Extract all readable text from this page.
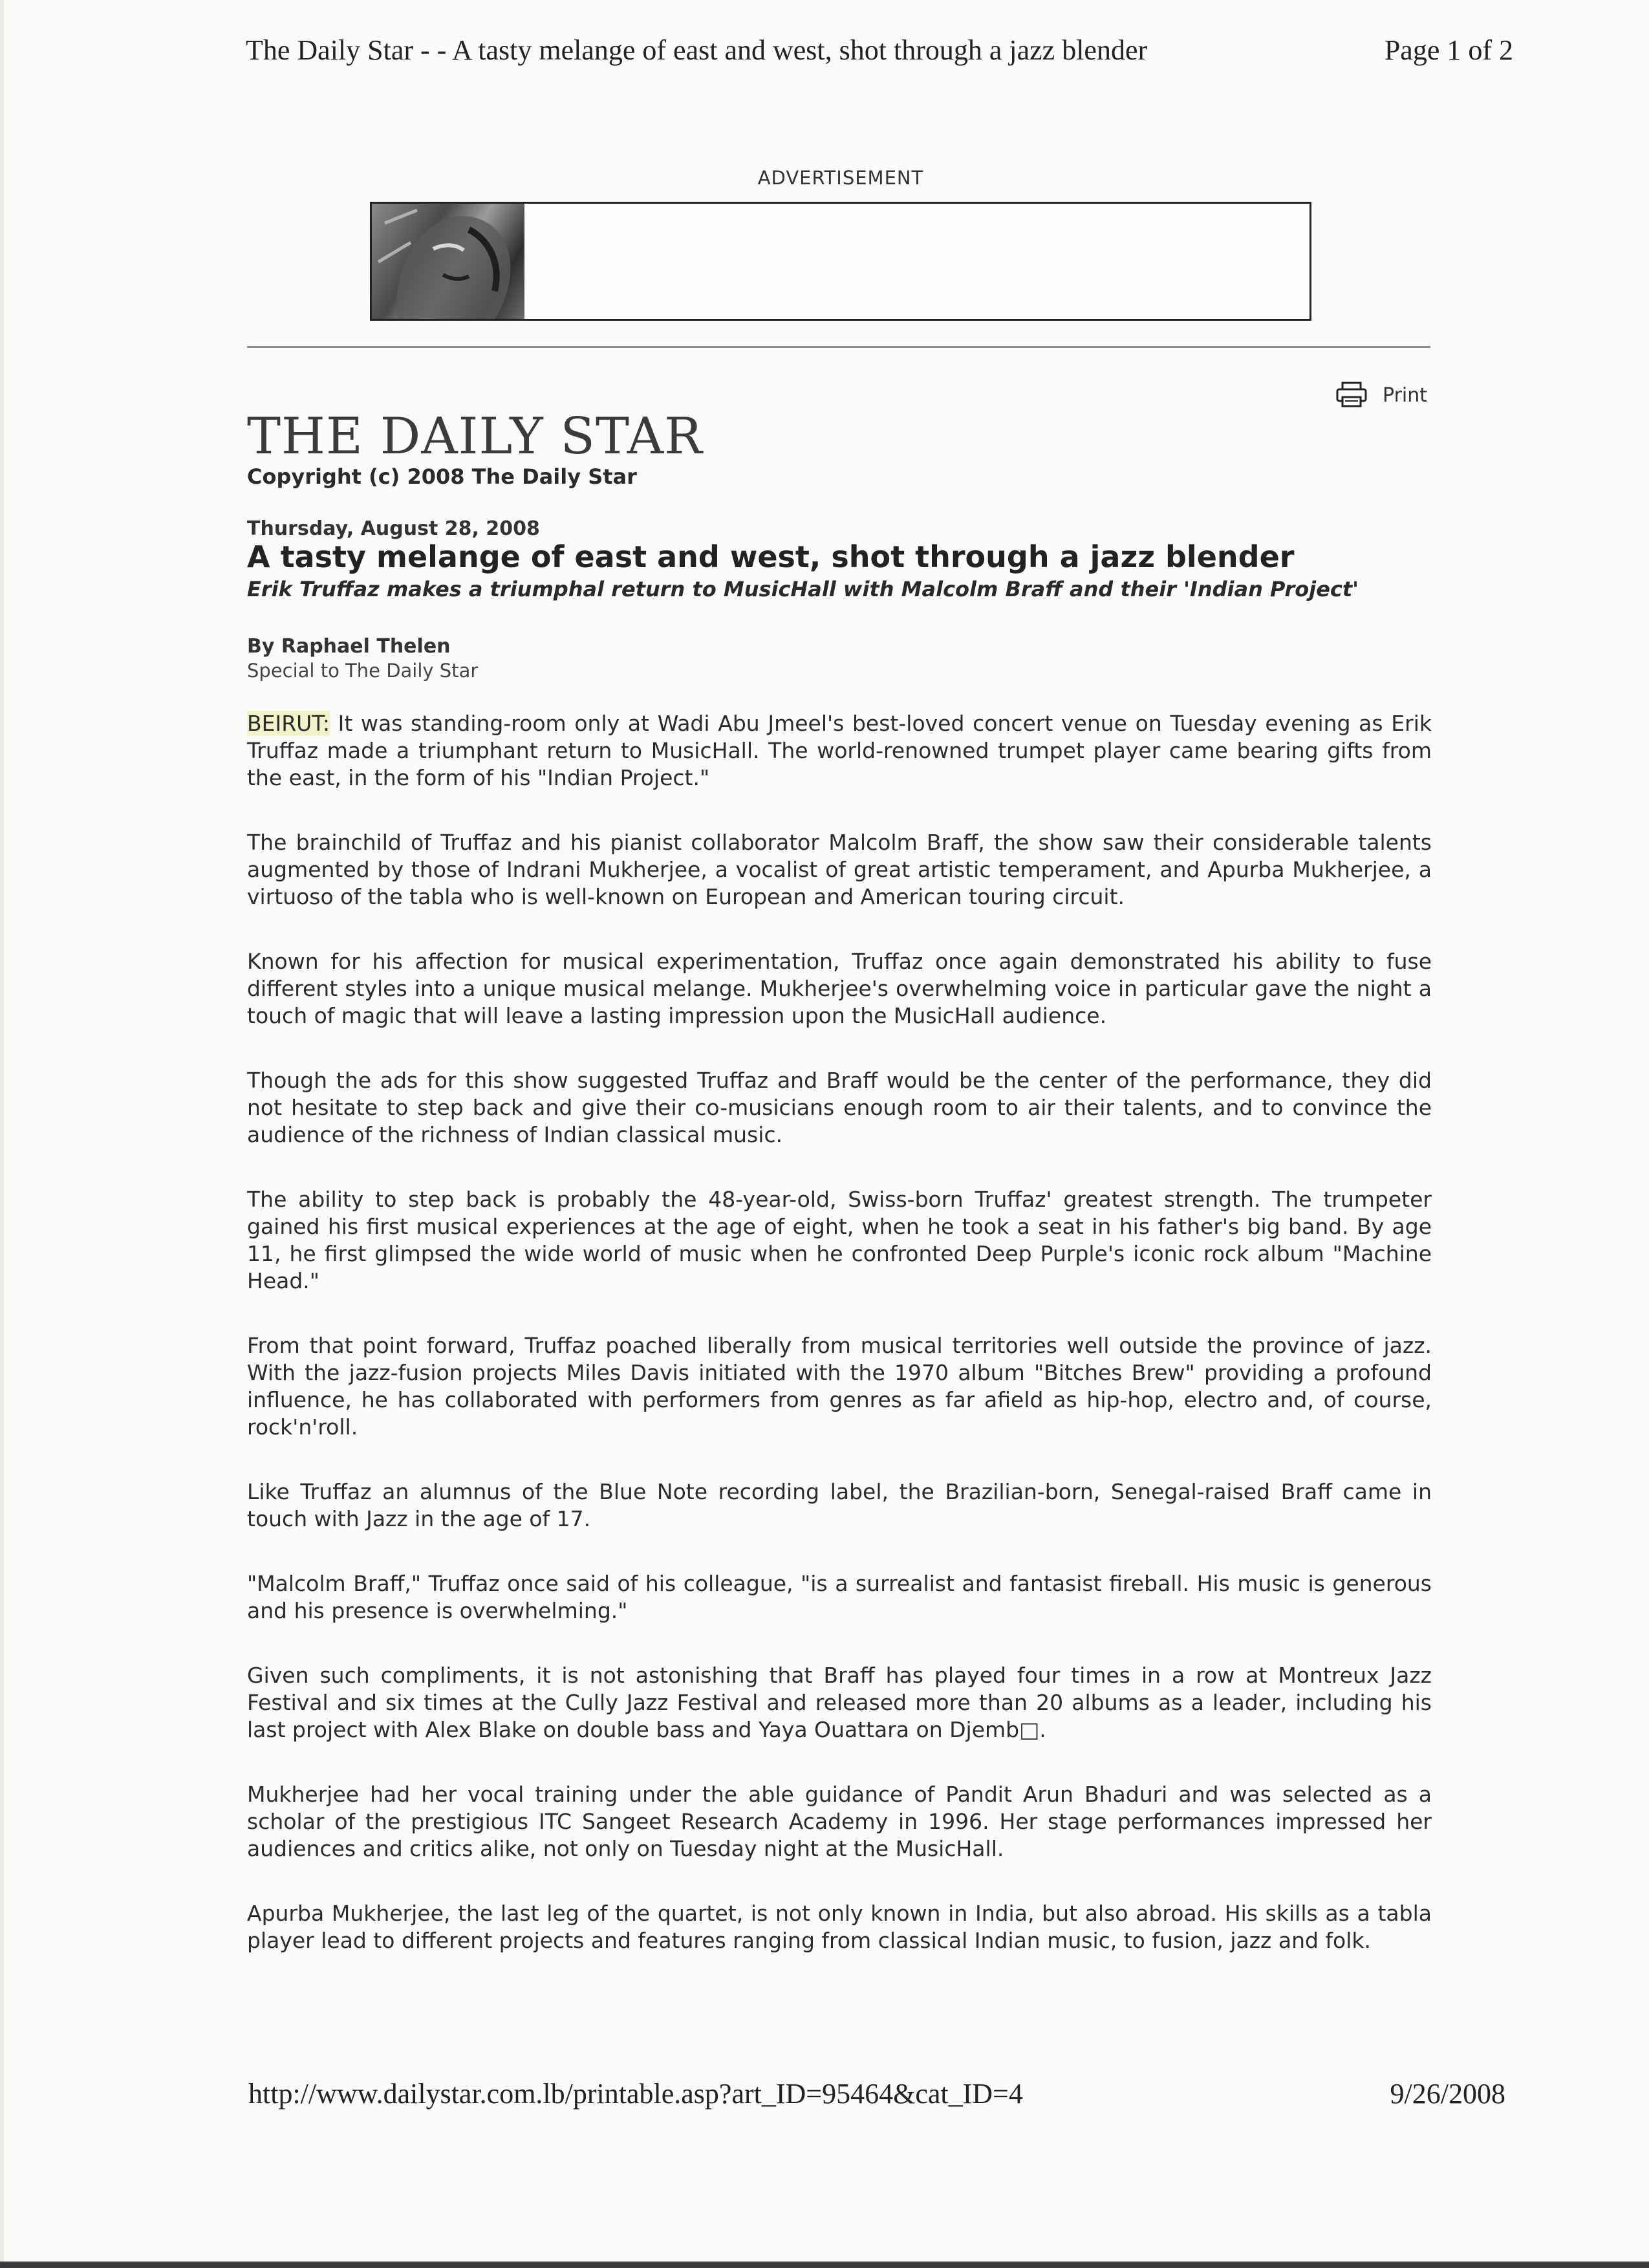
The Daily Star - - A tasty melange of east and west, shot through a jazz blender	Page 1 of 2
ADVERTISEMENT
Print
THE DAILY STAR
Copyright (c) 2008 The Daily Star
Thursday, August 28, 2008
A tasty melange of east and west, shot through a jazz blender
Erik Truffaz makes a triumphal return to MusicHall with Malcolm Braff and their 'Indian Project'
By Raphael Thelen
Special to The Daily Star

BEIRUT: It was standing-room only at Wadi Abu Jmeel's best-loved concert venue on Tuesday evening as Erik Truffaz made a triumphant return to MusicHall. The world-renowned trumpet player came bearing gifts from the east, in the form of his "Indian Project."

The brainchild of Truffaz and his pianist collaborator Malcolm Braff, the show saw their considerable talents augmented by those of Indrani Mukherjee, a vocalist of great artistic temperament, and Apurba Mukherjee, a virtuoso of the tabla who is well-known on European and American touring circuit.

Known for his affection for musical experimentation, Truffaz once again demonstrated his ability to fuse different styles into a unique musical melange. Mukherjee's overwhelming voice in particular gave the night a touch of magic that will leave a lasting impression upon the MusicHall audience.

Though the ads for this show suggested Truffaz and Braff would be the center of the performance, they did not hesitate to step back and give their co-musicians enough room to air their talents, and to convince the audience of the richness of Indian classical music.

The ability to step back is probably the 48-year-old, Swiss-born Truffaz' greatest strength. The trumpeter gained his first musical experiences at the age of eight, when he took a seat in his father's big band. By age 11, he first glimpsed the wide world of music when he confronted Deep Purple's iconic rock album "Machine Head."

From that point forward, Truffaz poached liberally from musical territories well outside the province of jazz. With the jazz-fusion projects Miles Davis initiated with the 1970 album "Bitches Brew" providing a profound influence, he has collaborated with performers from genres as far afield as hip-hop, electro and, of course, rock'n'roll.

Like Truffaz an alumnus of the Blue Note recording label, the Brazilian-born, Senegal-raised Braff came in touch with Jazz in the age of 17.

"Malcolm Braff," Truffaz once said of his colleague, "is a surrealist and fantasist fireball. His music is generous and his presence is overwhelming."

Given such compliments, it is not astonishing that Braff has played four times in a row at Montreux Jazz Festival and six times at the Cully Jazz Festival and released more than 20 albums as a leader, including his last project with Alex Blake on double bass and Yaya Ouattara on Djemb□.

Mukherjee had her vocal training under the able guidance of Pandit Arun Bhaduri and was selected as a scholar of the prestigious ITC Sangeet Research Academy in 1996. Her stage performances impressed her audiences and critics alike, not only on Tuesday night at the MusicHall.

Apurba Mukherjee, the last leg of the quartet, is not only known in India, but also abroad. His skills as a tabla player lead to different projects and features ranging from classical Indian music, to fusion, jazz and folk.

http://www.dailystar.com.lb/printable.asp?art_ID=95464&cat_ID=4	9/26/2008
